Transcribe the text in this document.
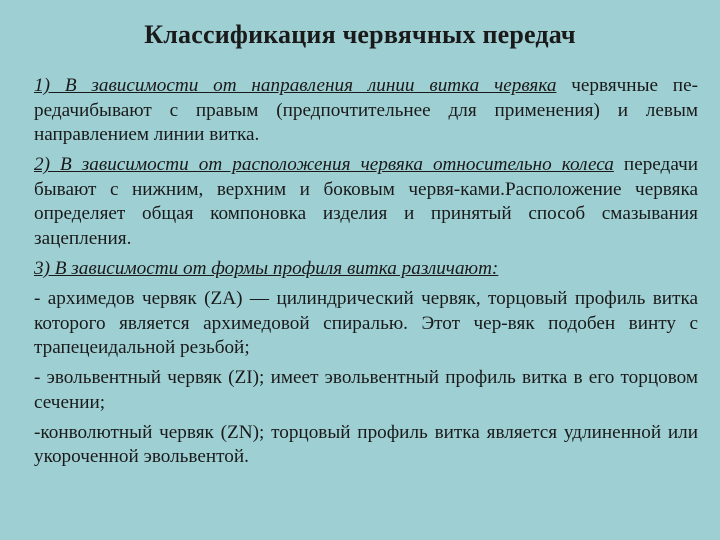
Классификация червячных передач

1) В зависимости от направления линии витка червяка червячные пе-редачибывают с правым (предпочтительнее для применения) и левым направлением линии витка.

2) В зависимости от расположения червяка относительно колеса передачи бывают с нижним, верхним и боковым червя-ками.Расположение червяка определяет общая компоновка изделия и принятый способ смазывания зацепления.

3) В зависимости от формы профиля витка различают:

- архимедов червяк (ZA) — цилиндрический червяк, торцовый профиль витка которого является архимедовой спиралью. Этот чер-вяк подобен винту с трапецеидальной резьбой;

- эвольвентный червяк (ZI); имеет эвольвентный профиль витка в его торцовом сечении;

-конволютный червяк (ZN); торцовый профиль витка является удлиненной или укороченной эвольвентой.
